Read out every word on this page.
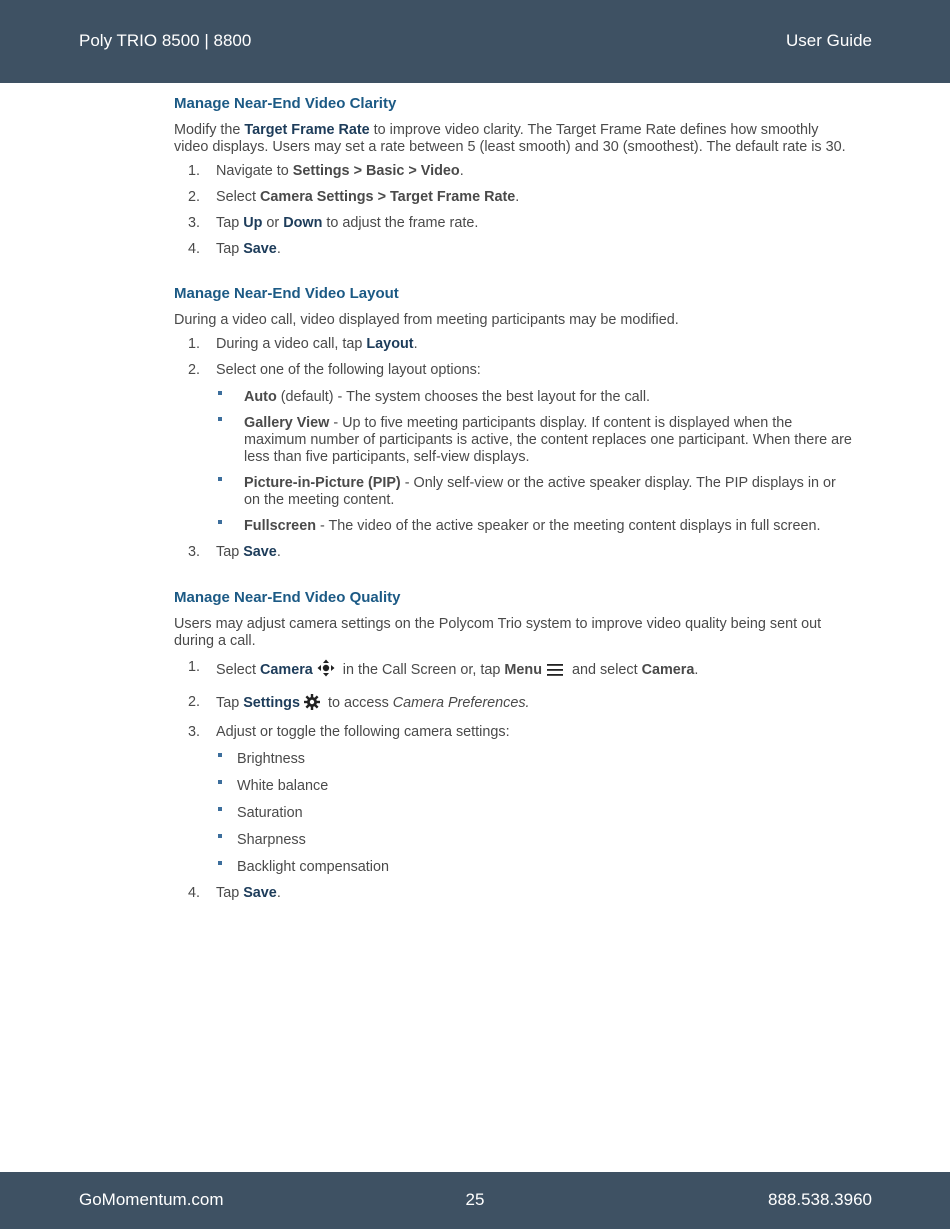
Poly TRIO 8500 | 8800	User Guide
Manage Near-End Video Clarity

Modify the Target Frame Rate to improve video clarity. The Target Frame Rate defines how smoothly video displays. Users may set a rate between 5 (least smooth) and 30 (smoothest). The default rate is 30.

1. Navigate to Settings > Basic > Video.
2. Select Camera Settings > Target Frame Rate.
3. Tap Up or Down to adjust the frame rate.
4. Tap Save.
Manage Near-End Video Layout

During a video call, video displayed from meeting participants may be modified.

1. During a video call, tap Layout.
2. Select one of the following layout options:
Auto (default) - The system chooses the best layout for the call.
Gallery View - Up to five meeting participants display. If content is displayed when the maximum number of participants is active, the content replaces one participant. When there are less than five participants, self-view displays.
Picture-in-Picture (PIP) - Only self-view or the active speaker display. The PIP displays in or on the meeting content.
Fullscreen - The video of the active speaker or the meeting content displays in full screen.
3. Tap Save.
Manage Near-End Video Quality

Users may adjust camera settings on the Polycom Trio system to improve video quality being sent out during a call.

1. Select Camera in the Call Screen or, tap Menu and select Camera.
2. Tap Settings to access Camera Preferences.
3. Adjust or toggle the following camera settings:
Brightness
White balance
Saturation
Sharpness
Backlight compensation
4. Tap Save.
GoMomentum.com	25	888.538.3960
